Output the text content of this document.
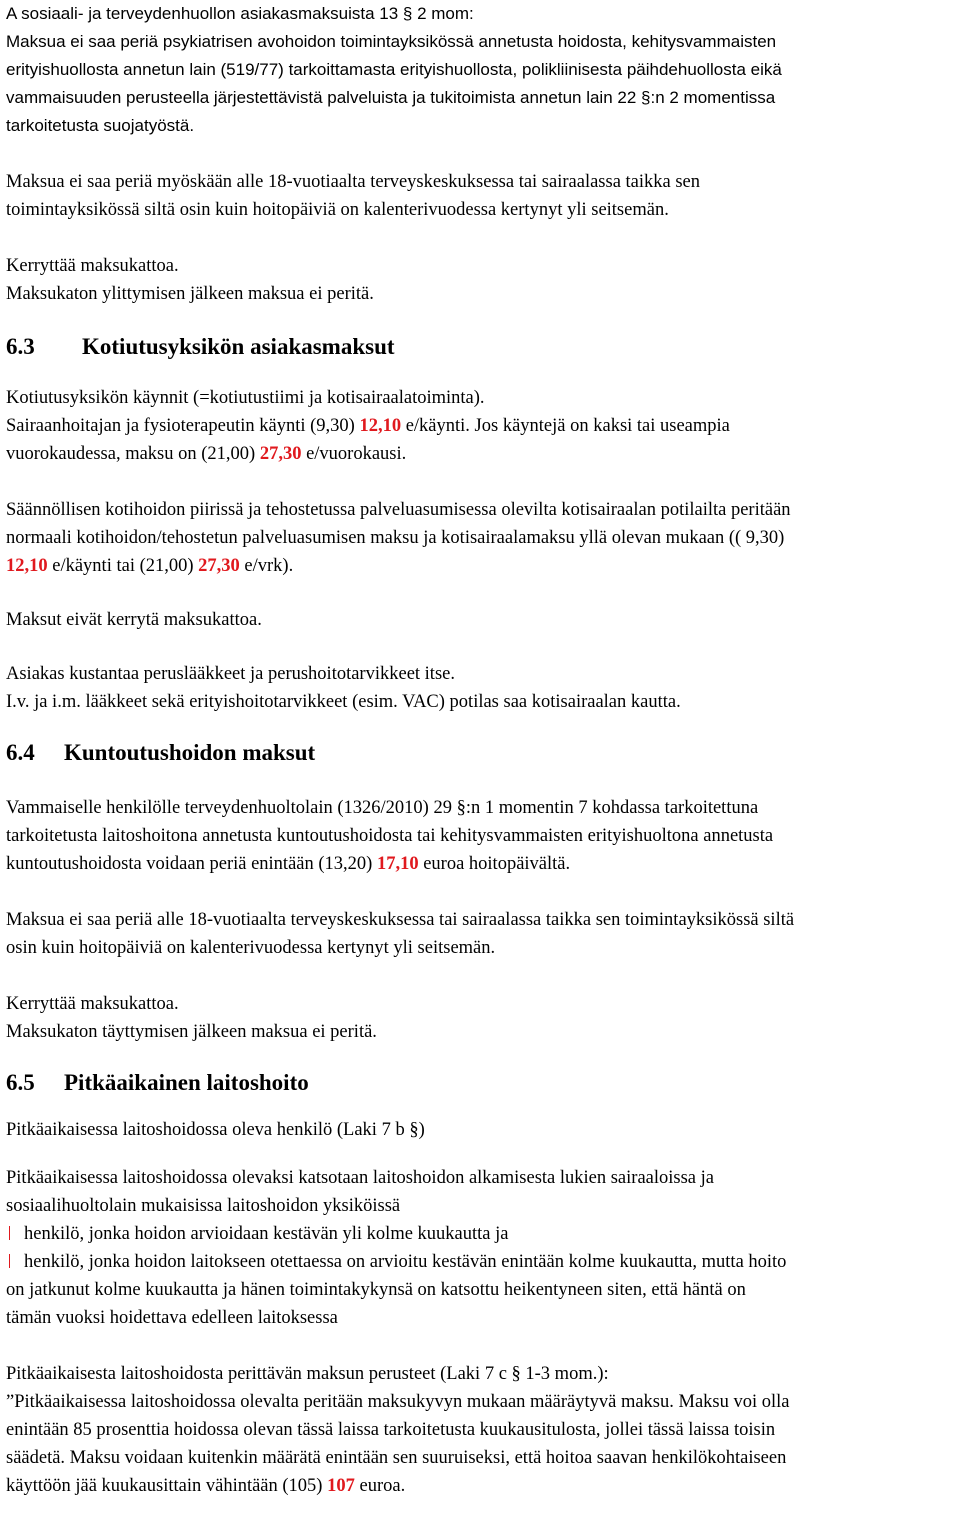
A sosiaali- ja terveydenhuollon asiakasmaksuista 13 § 2 mom:
Maksua ei saa periä psykiatrisen avohoidon toimintayksikössä annetusta hoidosta, kehitysvammaisten
erityishuollosta annetun lain (519/77) tarkoittamasta erityishuollosta, polikliinisesta päihdehuollosta eikä
vammaisuuden perusteella järjestettävistä palveluista ja tukitoimista annetun lain 22 §:n 2 momentissa
tarkoitetusta suojatyöstä.
Maksua ei saa periä myöskään alle 18-vuotiaalta terveyskeskuksessa tai sairaalassa taikka sen
toimintayksikössä siltä osin kuin hoitopäiviä on kalenterivuodessa kertynyt yli seitsemän.
Kerryttää maksukattoa.
Maksukaton ylittymisen jälkeen maksua ei peritä.
6.3 Kotiutusyksikön asiakasmaksut
Kotiutusyksikön käynnit (=kotiutustiimi ja kotisairaalatoiminta).
Sairaanhoitajan ja fysioterapeutin käynti (9,30) 12,10 e/käynti. Jos käyntejä on kaksi tai useampia
vuorokaudessa, maksu on (21,00) 27,30 e/vuorokausi.
Säännöllisen kotihoidon piirissä ja tehostetussa palveluasumisessa olevilta kotisairaalan potilailta peritään
normaali kotihoidon/tehostetun palveluasumisen maksu ja kotisairaalamaksu yllä olevan mukaan (( 9,30)
12,10 e/käynti tai (21,00) 27,30 e/vrk).
Maksut eivät kerrytä maksukattoa.
Asiakas kustantaa peruslääkkeet ja perushoitotarvikkeet itse.
I.v. ja i.m. lääkkeet sekä erityishoitotarvikkeet (esim. VAC) potilas saa kotisairaalan kautta.
6.4 Kuntoutushoidon maksut
Vammaiselle henkilölle terveydenhuoltolain (1326/2010) 29 §:n 1 momentin 7 kohdassa tarkoitettuna
tarkoitetusta laitoshoitona annetusta kuntoutushoidosta tai kehitysvammaisten erityishuoltona annetusta
kuntoutushoidosta voidaan periä enintään (13,20) 17,10 euroa hoitopäivältä.
Maksua ei saa periä alle 18-vuotiaalta terveyskeskuksessa tai sairaalassa taikka sen toimintayksikössä siltä
osin kuin hoitopäiviä on kalenterivuodessa kertynyt yli seitsemän.
Kerryttää maksukattoa.
Maksukaton täyttymisen jälkeen maksua ei peritä.
6.5 Pitkäaikainen laitoshoito
Pitkäaikaisessa laitoshoidossa oleva henkilö (Laki 7 b §)
Pitkäaikaisessa laitoshoidossa olevaksi katsotaan laitoshoidon alkamisesta lukien sairaaloissa ja
sosiaalihuoltolain mukaisissa laitoshoidon yksiköissä
henkilö, jonka hoidon arvioidaan kestävän yli kolme kuukautta ja
henkilö, jonka hoidon laitokseen otettaessa on arvioitu kestävän enintään kolme kuukautta, mutta hoito
on jatkunut kolme kuukautta ja hänen toimintakykynsä on katsottu heikentyneen siten, että häntä on
tämän vuoksi hoidettava edelleen laitoksessa
Pitkäaikaisesta laitoshoidosta perittävän maksun perusteet (Laki 7 c § 1-3 mom.):
”Pitkäaikaisessa laitoshoidossa olevalta peritään maksukyvyn mukaan määräytyvä maksu. Maksu voi olla
enintään 85 prosenttia hoidossa olevan tässä laissa tarkoitetusta kuukausitulosta, jollei tässä laissa toisin
säädetä. Maksu voidaan kuitenkin määrätä enintään sen suuruiseksi, että hoitoa saavan henkilökohtaiseen
käyttöön jää kuukausittain vähintään (105) 107 euroa.
